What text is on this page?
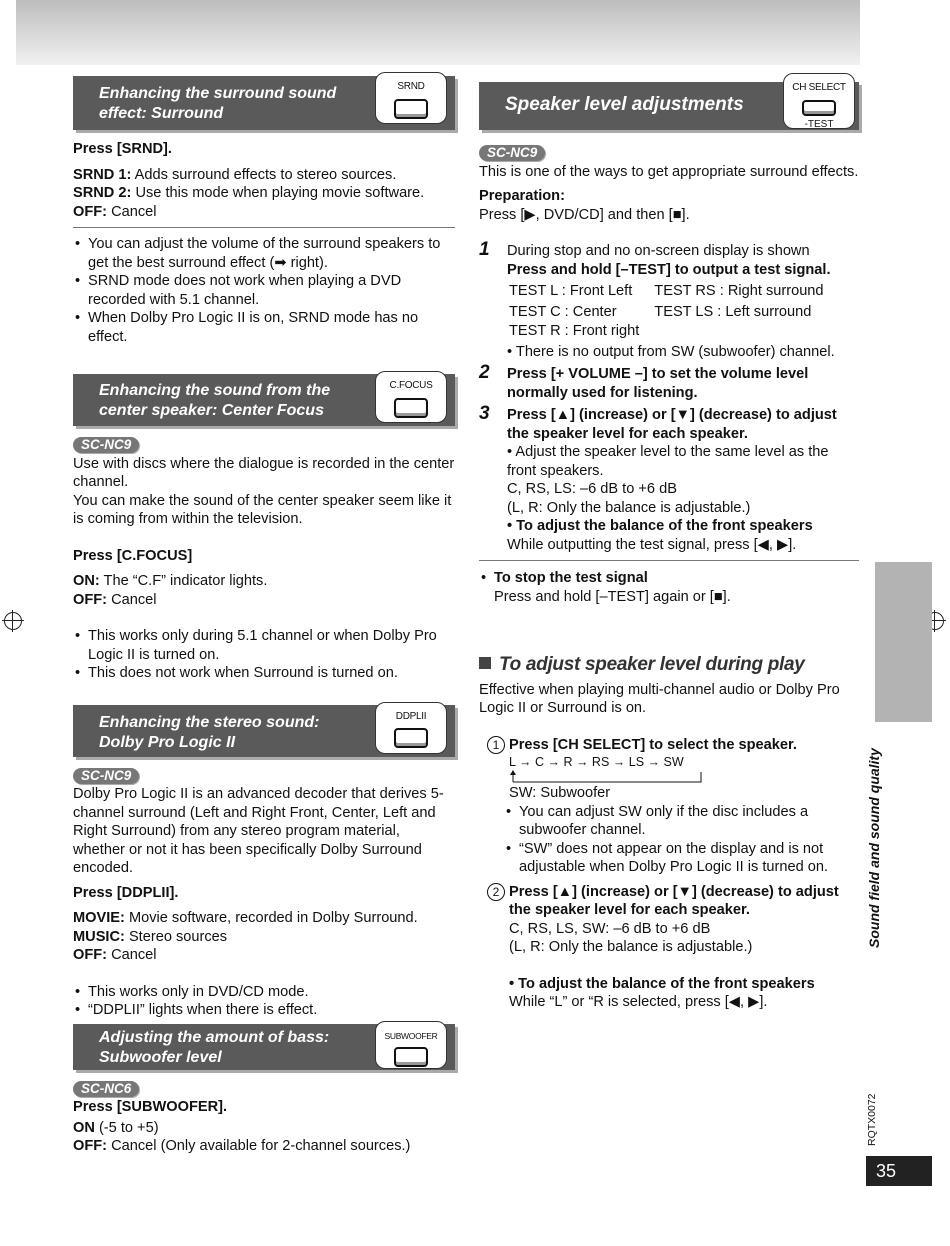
Enhancing the surround sound
effect: Surround
SRND

Press [SRND].

SRND 1: Adds surround effects to stereo sources.

SRND 2: Use this mode when playing movie software.

OFF: Cancel

• You can adjust the volume of the surround speakers to get the best surround effect (➡ right).
• SRND mode does not work when playing a DVD recorded with 5.1 channel.
• When Dolby Pro Logic II is on, SRND mode has no effect.
Enhancing the sound from the
center speaker: Center Focus
C.FOCUS
SC-NC9

Use with discs where the dialogue is recorded in the center channel.

You can make the sound of the center speaker seem like it is coming from within the television.

Press [C.FOCUS]

ON: The “C.F” indicator lights.

OFF: Cancel

• This works only during 5.1 channel or when Dolby Pro Logic II is turned on.
• This does not work when Surround is turned on.
Enhancing the stereo sound:
Dolby Pro Logic II
DDPLII
SC-NC9

Dolby Pro Logic II is an advanced decoder that derives 5-channel surround (Left and Right Front, Center, Left and Right Surround) from any stereo program material, whether or not it has been specifically Dolby Surround encoded.

Press [DDPLII].

MOVIE: Movie software, recorded in Dolby Surround.

MUSIC: Stereo sources

OFF: Cancel

• This works only in DVD/CD mode.
• “DDPLII” lights when there is effect.
Adjusting the amount of bass:
Subwoofer level
SUBWOOFER
SC-NC6

Press [SUBWOOFER].

ON (-5 to +5)

OFF: Cancel (Only available for 2-channel sources.)

Speaker level adjustments
CH SELECT
-TEST
SC-NC9

This is one of the ways to get appropriate surround effects.

Preparation:

Press [▶, DVD/CD] and then [■].

1 During stop and no on-screen display is shown

Press and hold [–TEST] to output a test signal.

TEST L : Front Left	TEST RS : Right surround
TEST C : Center	TEST LS : Left surround
TEST R : Front right	

• There is no output from SW (subwoofer) channel.

2 Press [+ VOLUME –] to set the volume level normally used for listening.

3 Press [▲] (increase) or [▼] (decrease) to adjust the speaker level for each speaker.

• Adjust the speaker level to the same level as the front speakers.

C, RS, LS: –6 dB to +6 dB

(L, R: Only the balance is adjustable.)

• To adjust the balance of the front speakers

While outputting the test signal, press [◀, ▶].

• To stop the test signal
Press and hold [–TEST] again or [■].
To adjust speaker level during play

Effective when playing multi-channel audio or Dolby Pro Logic II or Surround is on.

1 Press [CH SELECT] to select the speaker.

L → C → R → RS → LS → SW

SW: Subwoofer

• You can adjust SW only if the disc includes a subwoofer channel.
• “SW” does not appear on the display and is not adjustable when Dolby Pro Logic II is turned on.

2 Press [▲] (increase) or [▼] (decrease) to adjust the speaker level for each speaker.

C, RS, LS, SW: –6 dB to +6 dB

(L, R: Only the balance is adjustable.)

• To adjust the balance of the front speakers

While “L” or “R is selected, press [◀, ▶].

Sound field and sound quality
RQTX0072
35
